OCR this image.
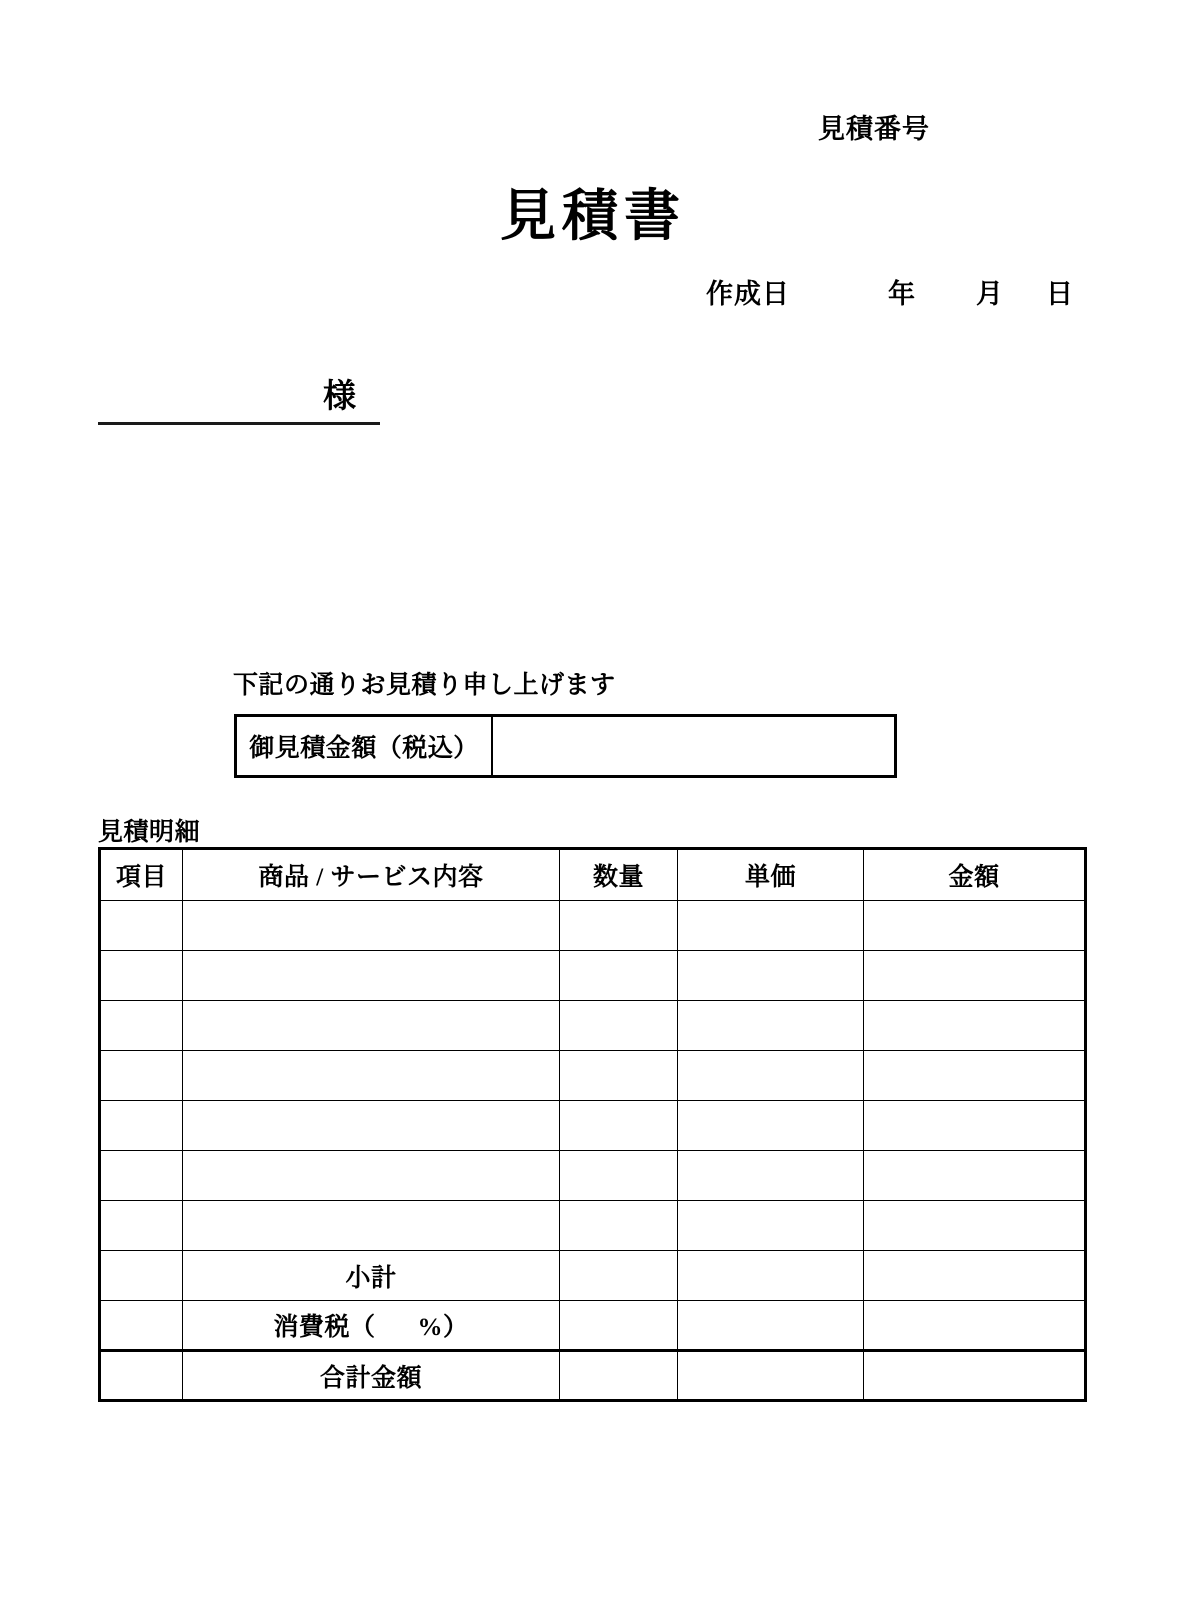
見積番号
見積書
作成日	年 月 日
様
下記の通りお見積り申し上げます
御見積金額（税込）
見積明細
項目	商品 / サービス内容	数量	単価	金額

	小計			
	消費税（ %）			
	合計金額			
